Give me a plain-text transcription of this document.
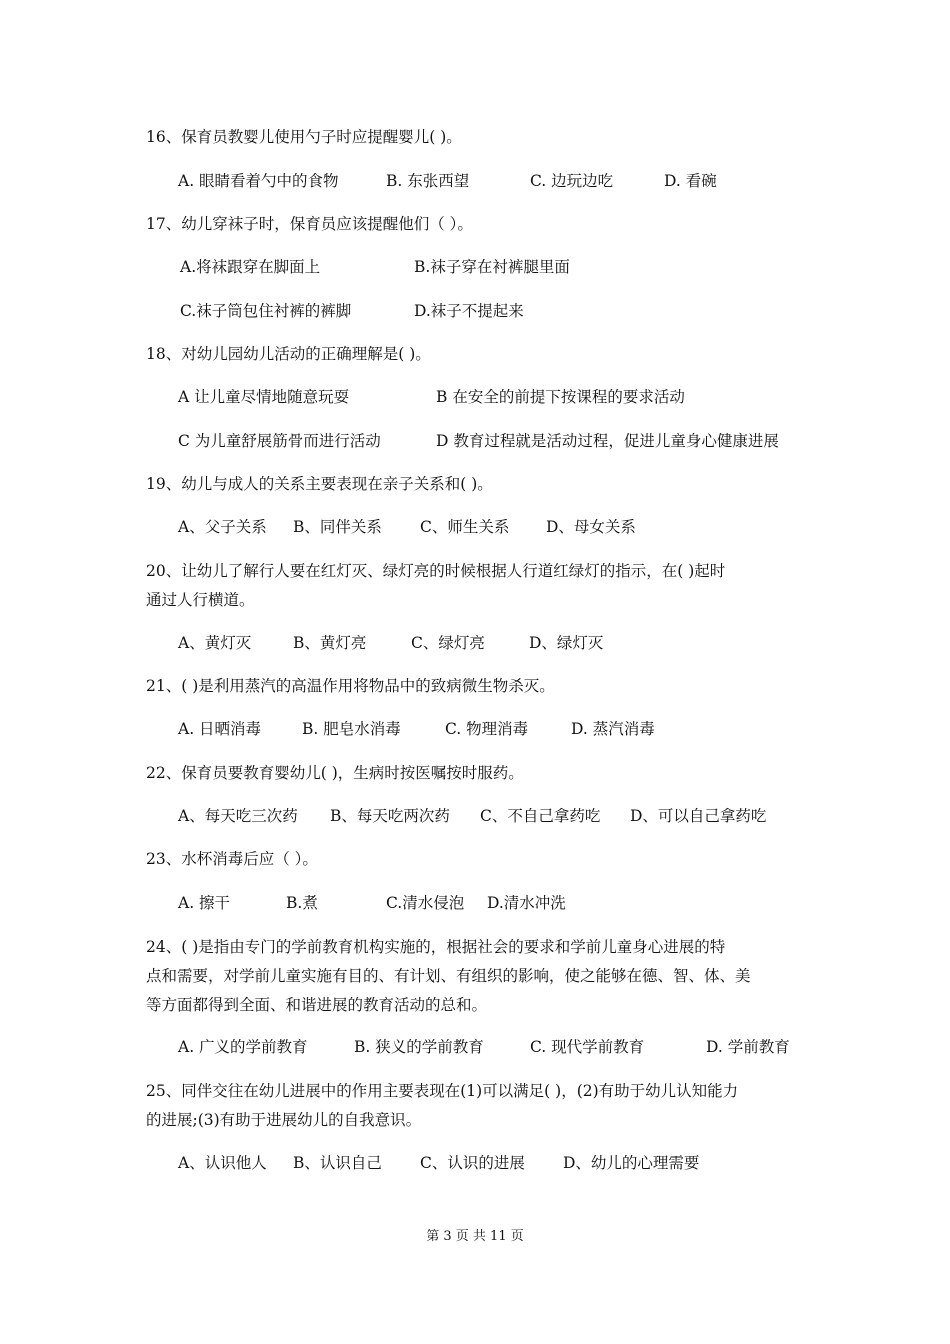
16、保育员教婴儿使用勺子时应提醒婴儿( )。
A. 眼睛看着勺中的食物	B. 东张西望	C. 边玩边吃	D. 看碗
17、幼儿穿袜子时，保育员应该提醒他们（ ）。
A.将袜跟穿在脚面上	B.袜子穿在衬裤腿里面
C.袜子筒包住衬裤的裤脚	D.袜子不提起来
18、对幼儿园幼儿活动的正确理解是( )。
A 让儿童尽情地随意玩耍	B 在安全的前提下按课程的要求活动
C 为儿童舒展筋骨而进行活动	D 教育过程就是活动过程，促进儿童身心健康进展
19、幼儿与成人的关系主要表现在亲子关系和( )。
A、父子关系 B、同伴关系 C、师生关系 D、母女关系
20、让幼儿了解行人要在红灯灭、绿灯亮的时候根据人行道红绿灯的指示，在( )起时
通过人行横道。
A、黄灯灭	B、黄灯亮	C、绿灯亮	D、绿灯灭
21、( )是利用蒸汽的高温作用将物品中的致病微生物杀灭。
A. 日晒消毒	B. 肥皂水消毒	C. 物理消毒	D. 蒸汽消毒
22、保育员要教育婴幼儿( )，生病时按医嘱按时服药。
A、每天吃三次药 B、每天吃两次药 C、不自己拿药吃 D、可以自己拿药吃
23、水杯消毒后应（ ）。
A. 擦干	B.煮	C.清水侵泡 D.清水冲洗
24、( )是指由专门的学前教育机构实施的，根据社会的要求和学前儿童身心进展的特
点和需要，对学前儿童实施有目的、有计划、有组织的影响，使之能够在德、智、体、美
等方面都得到全面、和谐进展的教育活动的总和。
A. 广义的学前教育	B. 狭义的学前教育	C. 现代学前教育	D. 学前教育
25、同伴交往在幼儿进展中的作用主要表现在(1)可以满足( )，(2)有助于幼儿认知能力
的进展;(3)有助于进展幼儿的自我意识。
A、认识他人 B、认识自己 C、认识的进展 D、幼儿的心理需要
第 3 页 共 11 页
